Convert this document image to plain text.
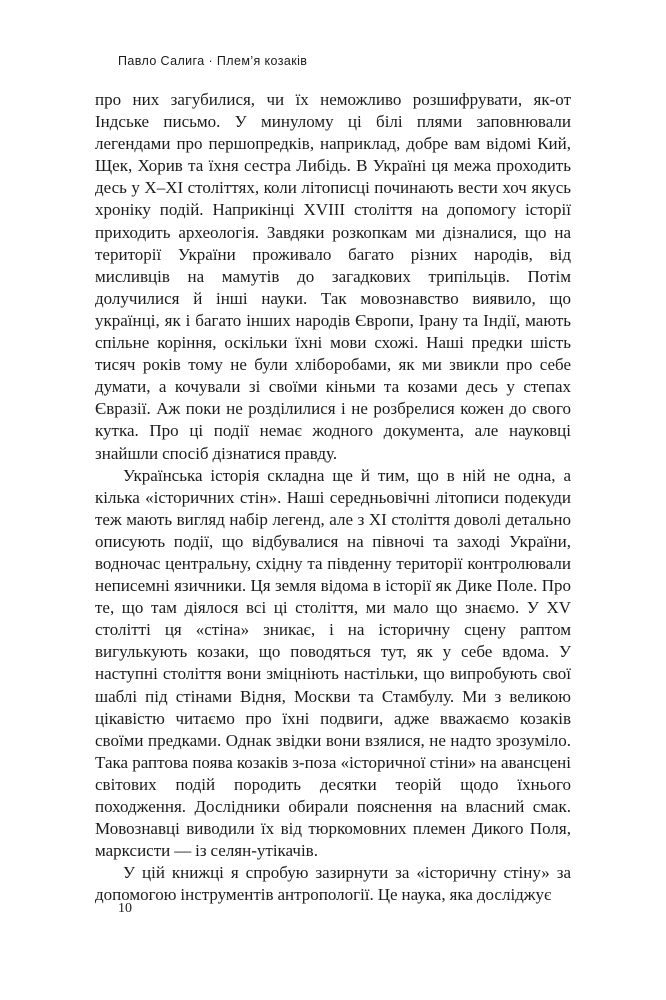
Павло Салига · Плем’я козаків

про них загубилися, чи їх неможливо розшифрувати, як-от Індське письмо. У минулому ці білі плями заповнювали легендами про першопредків, наприклад, добре вам відомі Кий, Щек, Хорив та їхня сестра Либідь. В Україні ця межа проходить десь у X–XI століттях, коли літописці починають вести хоч якусь хроніку подій. Наприкінці XVIII століття на допомогу історії приходить археологія. Завдяки розкопкам ми дізналися, що на території України проживало багато різних народів, від мисливців на мамутів до загадкових трипільців. Потім долучилися й інші науки. Так мовознавство виявило, що українці, як і багато інших народів Європи, Ірану та Індії, мають спільне коріння, оскільки їхні мови схожі. Наші предки шість тисяч років тому не були хліборобами, як ми звикли про себе думати, а кочували зі своїми кіньми та козами десь у степах Євразії. Аж поки не розділилися і не розбрелися кожен до свого кутка. Про ці події немає жодного документа, але науковці знайшли спосіб дізнатися правду.

Українська історія складна ще й тим, що в ній не одна, а кілька «історичних стін». Наші середньовічні літописи подекуди теж мають вигляд набір легенд, але з XI століття доволі детально описують події, що відбувалися на півночі та заході України, водночас центральну, східну та південну території контролювали неписемні язичники. Ця земля відома в історії як Дике Поле. Про те, що там діялося всі ці століття, ми мало що знаємо. У XV столітті ця «стіна» зникає, і на історичну сцену раптом вигулькують козаки, що поводяться тут, як у себе вдома. У наступні століття вони зміцніють настільки, що випробують свої шаблі під стінами Відня, Москви та Стамбулу. Ми з великою цікавістю читаємо про їхні подвиги, адже вважаємо козаків своїми предками. Однак звідки вони взялися, не надто зрозуміло. Така раптова поява козаків з-поза «історичної стіни» на авансцені світових подій породить десятки теорій щодо їхнього походження. Дослідники обирали пояснення на власний смак. Мовознавці виводили їх від тюркомовних племен Дикого Поля, марксисти — із селян-утікачів.

У цій книжці я спробую зазирнути за «історичну стіну» за допомогою інструментів антропології. Це наука, яка досліджує

10
